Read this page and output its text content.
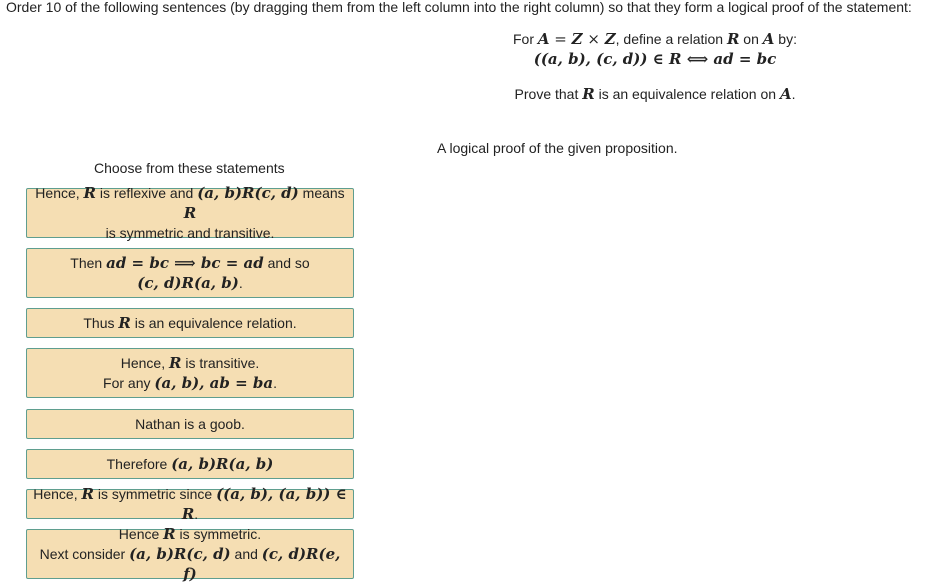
Order 10 of the following sentences (by dragging them from the left column into the right column) so that they form a logical proof of the statement:
For A = Z × Z, define a relation R on A by:
((a, b), (c, d)) ∈ R ⟺ ad = bc
Prove that R is an equivalence relation on A.
Choose from these statements
A logical proof of the given proposition.
Hence, R is reflexive and (a, b)R(c, d) means R
is symmetric and transitive.
Then ad = bc ⟹ bc = ad and so
(c, d)R(a, b).
Thus R is an equivalence relation.
Hence, R is transitive.
For any (a, b), ab = ba.
Nathan is a goob.
Therefore (a, b)R(a, b)
Hence, R is symmetric since ((a, b), (a, b)) ∈ R.
Hence R is symmetric.
Next consider (a, b)R(c, d) and (c, d)R(e, f)
